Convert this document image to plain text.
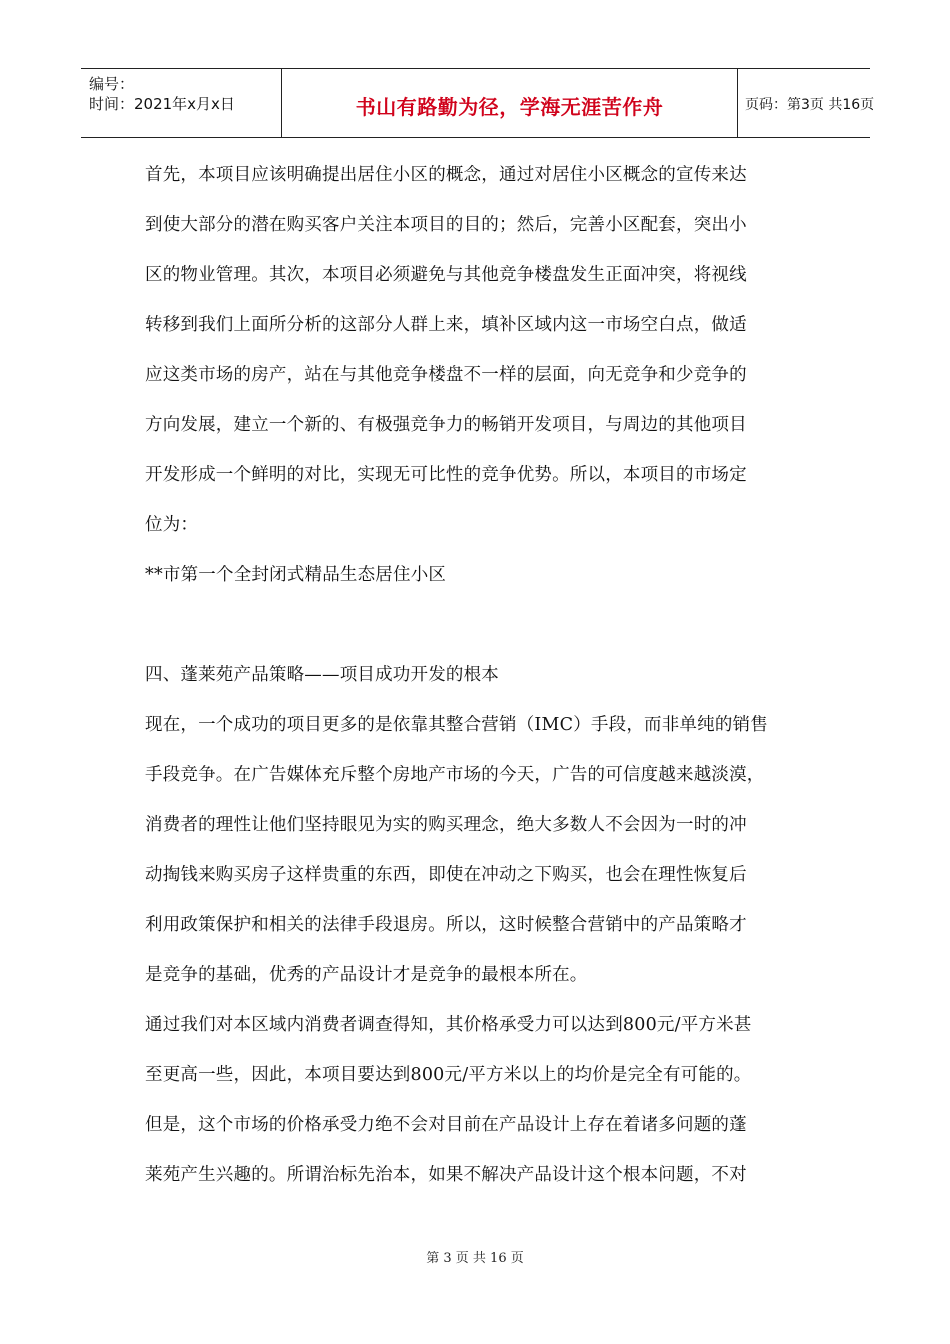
编号：
时间：2021年x月x日	书山有路勤为径，学海无涯苦作舟	页码：第3页 共16页
首先，本项目应该明确提出居住小区的概念，通过对居住小区概念的宣传来达
到使大部分的潜在购买客户关注本项目的目的；然后，完善小区配套，突出小
区的物业管理。其次，本项目必须避免与其他竞争楼盘发生正面冲突，将视线
转移到我们上面所分析的这部分人群上来，填补区域内这一市场空白点，做适
应这类市场的房产，站在与其他竞争楼盘不一样的层面，向无竞争和少竞争的
方向发展，建立一个新的、有极强竞争力的畅销开发项目，与周边的其他项目
开发形成一个鲜明的对比，实现无可比性的竞争优势。所以，本项目的市场定
位为：
**市第一个全封闭式精品生态居住小区
四、蓬莱苑产品策略——项目成功开发的根本
现在，一个成功的项目更多的是依靠其整合营销（IMC）手段，而非单纯的销售
手段竞争。在广告媒体充斥整个房地产市场的今天，广告的可信度越来越淡漠，
消费者的理性让他们坚持眼见为实的购买理念，绝大多数人不会因为一时的冲
动掏钱来购买房子这样贵重的东西，即使在冲动之下购买，也会在理性恢复后
利用政策保护和相关的法律手段退房。所以，这时候整合营销中的产品策略才
是竞争的基础，优秀的产品设计才是竞争的最根本所在。
通过我们对本区域内消费者调查得知，其价格承受力可以达到800元/平方米甚
至更高一些，因此，本项目要达到800元/平方米以上的均价是完全有可能的。
但是，这个市场的价格承受力绝不会对目前在产品设计上存在着诸多问题的蓬
莱苑产生兴趣的。所谓治标先治本，如果不解决产品设计这个根本问题，不对
第 3 页 共 16 页
